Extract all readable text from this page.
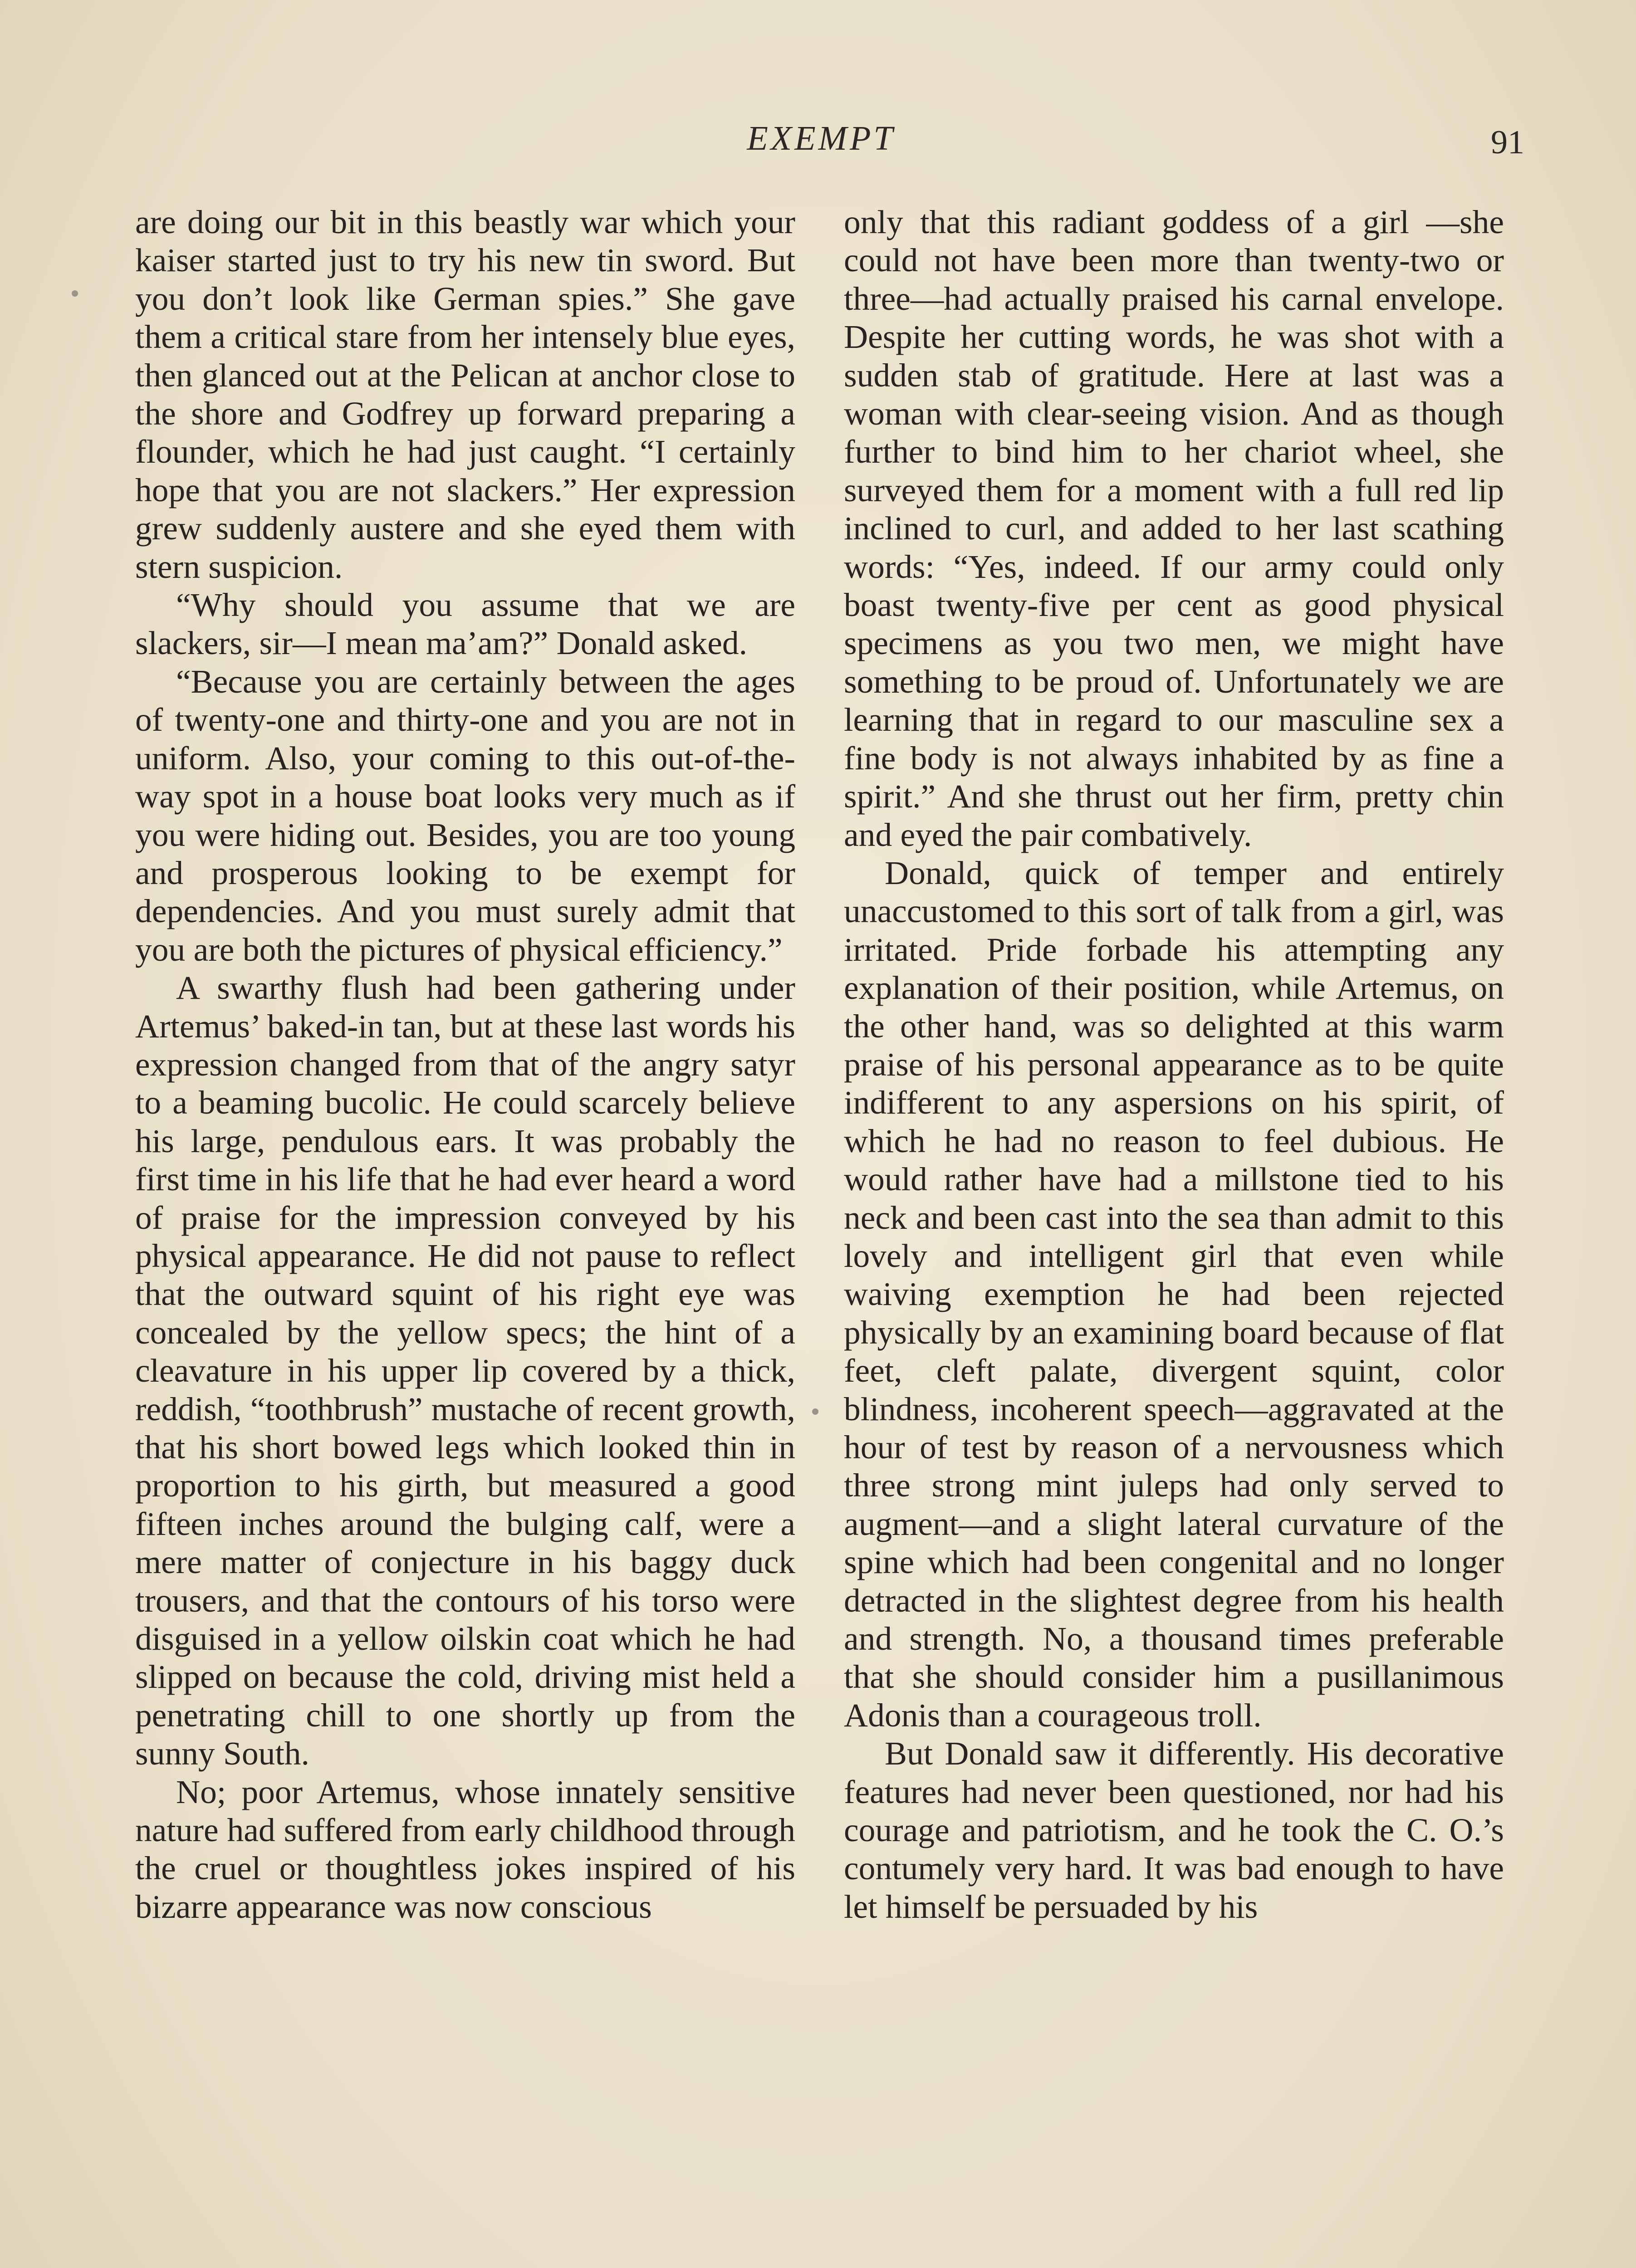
EXEMPT	91

are doing our bit in this beastly war which your kaiser started just to try his new tin sword. But you don’t look like German spies.” She gave them a critical stare from her intensely blue eyes, then glanced out at the Pelican at anchor close to the shore and Godfrey up forward preparing a flounder, which he had just caught. “I certainly hope that you are not slackers.” Her expression grew suddenly austere and she eyed them with stern suspicion.

“Why should you assume that we are slackers, sir—I mean ma’am?” Donald asked.

“Because you are certainly between the ages of twenty-one and thirty-one and you are not in uniform. Also, your coming to this out-of-the-way spot in a house boat looks very much as if you were hiding out. Besides, you are too young and prosperous looking to be exempt for dependencies. And you must surely admit that you are both the pictures of physical efficiency.”

A swarthy flush had been gathering under Artemus’ baked-in tan, but at these last words his expression changed from that of the angry satyr to a beaming bucolic. He could scarcely believe his large, pendulous ears. It was probably the first time in his life that he had ever heard a word of praise for the impression conveyed by his physical appearance. He did not pause to reflect that the outward squint of his right eye was concealed by the yellow specs; the hint of a cleavature in his upper lip covered by a thick, reddish, “toothbrush” mustache of recent growth, that his short bowed legs which looked thin in proportion to his girth, but measured a good fifteen inches around the bulging calf, were a mere matter of conjecture in his baggy duck trousers, and that the contours of his torso were disguised in a yellow oilskin coat which he had slipped on because the cold, driving mist held a penetrating chill to one shortly up from the sunny South.

No; poor Artemus, whose innately sensitive nature had suffered from early childhood through the cruel or thoughtless jokes inspired of his bizarre appearance was now conscious

only that this radiant goddess of a girl —she could not have been more than twenty-two or three—had actually praised his carnal envelope. Despite her cutting words, he was shot with a sudden stab of gratitude. Here at last was a woman with clear-seeing vision. And as though further to bind him to her chariot wheel, she surveyed them for a moment with a full red lip inclined to curl, and added to her last scathing words: “Yes, indeed. If our army could only boast twenty-five per cent as good physical specimens as you two men, we might have something to be proud of. Unfortunately we are learning that in regard to our masculine sex a fine body is not always inhabited by as fine a spirit.” And she thrust out her firm, pretty chin and eyed the pair combatively.

Donald, quick of temper and entirely unaccustomed to this sort of talk from a girl, was irritated. Pride forbade his attempting any explanation of their position, while Artemus, on the other hand, was so delighted at this warm praise of his personal appearance as to be quite indifferent to any aspersions on his spirit, of which he had no reason to feel dubious. He would rather have had a millstone tied to his neck and been cast into the sea than admit to this lovely and intelligent girl that even while waiving exemption he had been rejected physically by an examining board because of flat feet, cleft palate, divergent squint, color blindness, incoherent speech—aggravated at the hour of test by reason of a nervousness which three strong mint juleps had only served to augment—and a slight lateral curvature of the spine which had been congenital and no longer detracted in the slightest degree from his health and strength. No, a thousand times preferable that she should consider him a pusillanimous Adonis than a courageous troll.

But Donald saw it differently. His decorative features had never been questioned, nor had his courage and patriotism, and he took the C. O.’s contumely very hard. It was bad enough to have let himself be persuaded by his
